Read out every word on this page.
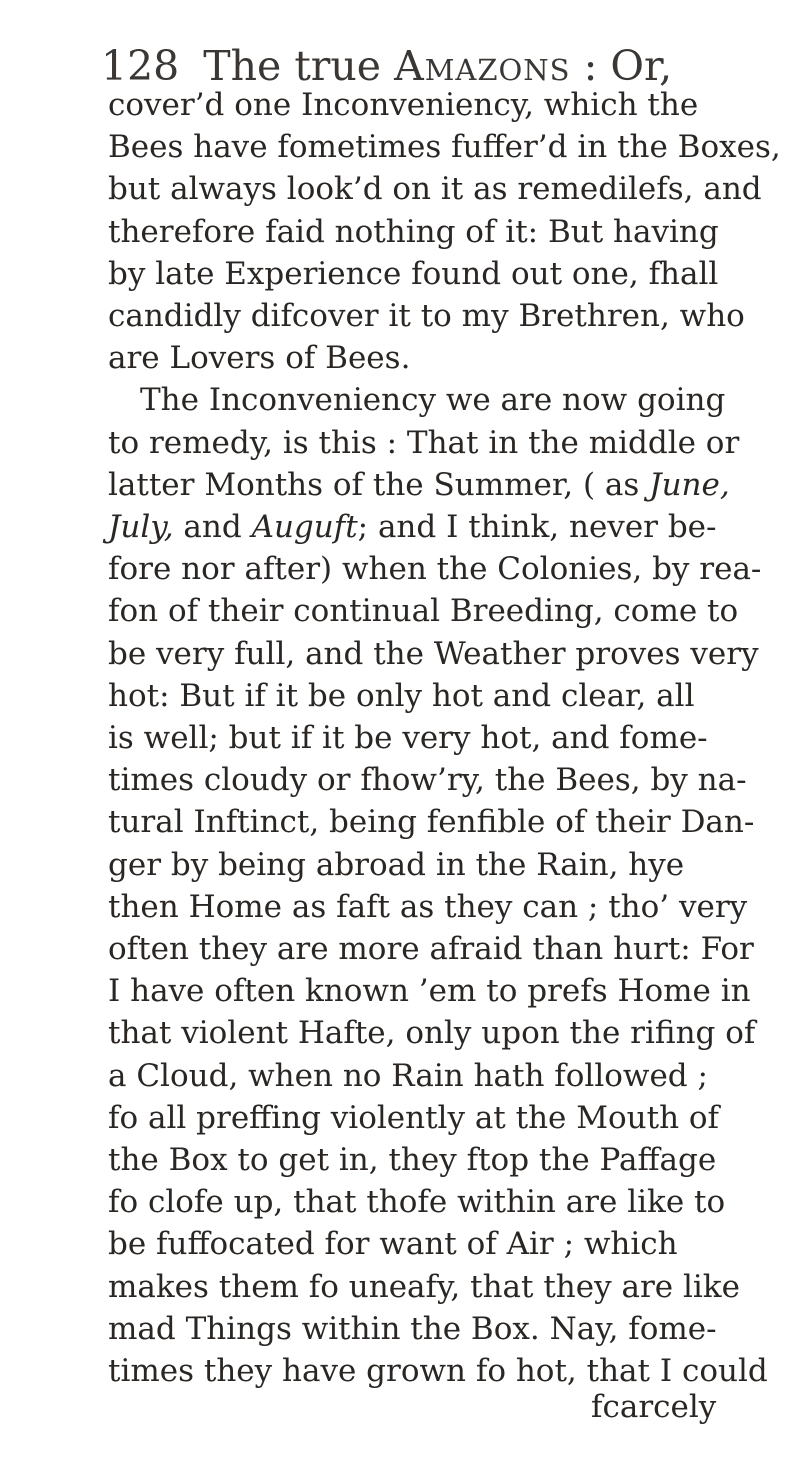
128 The true Amazons : Or,
cover’d one Inconveniency, which the
Bees have fometimes fuffer’d in the Boxes,
but always look’d on it as remedilefs, and
therefore faid nothing of it: But having
by late Experience found out one, fhall
candidly difcover it to my Brethren, who
are Lovers of Bees.
The Inconveniency we are now going
to remedy, is this : That in the middle or
latter Months of the Summer, ( as June,
July, and Auguft; and I think, never be-
fore nor after) when the Colonies, by rea-
fon of their continual Breeding, come to
be very full, and the Weather proves very
hot: But if it be only hot and clear, all
is well; but if it be very hot, and fome-
times cloudy or fhow’ry, the Bees, by na-
tural Inftinct, being fenfible of their Dan-
ger by being abroad in the Rain, hye
then Home as faft as they can ; tho’ very
often they are more afraid than hurt: For
I have often known ’em to prefs Home in
that violent Hafte, only upon the rifing of
a Cloud, when no Rain hath followed ;
fo all preffing violently at the Mouth of
the Box to get in, they ftop the Paffage
fo clofe up, that thofe within are like to
be fuffocated for want of Air ; which
makes them fo uneafy, that they are like
mad Things within the Box. Nay, fome-
times they have grown fo hot, that I could
fcarcely
